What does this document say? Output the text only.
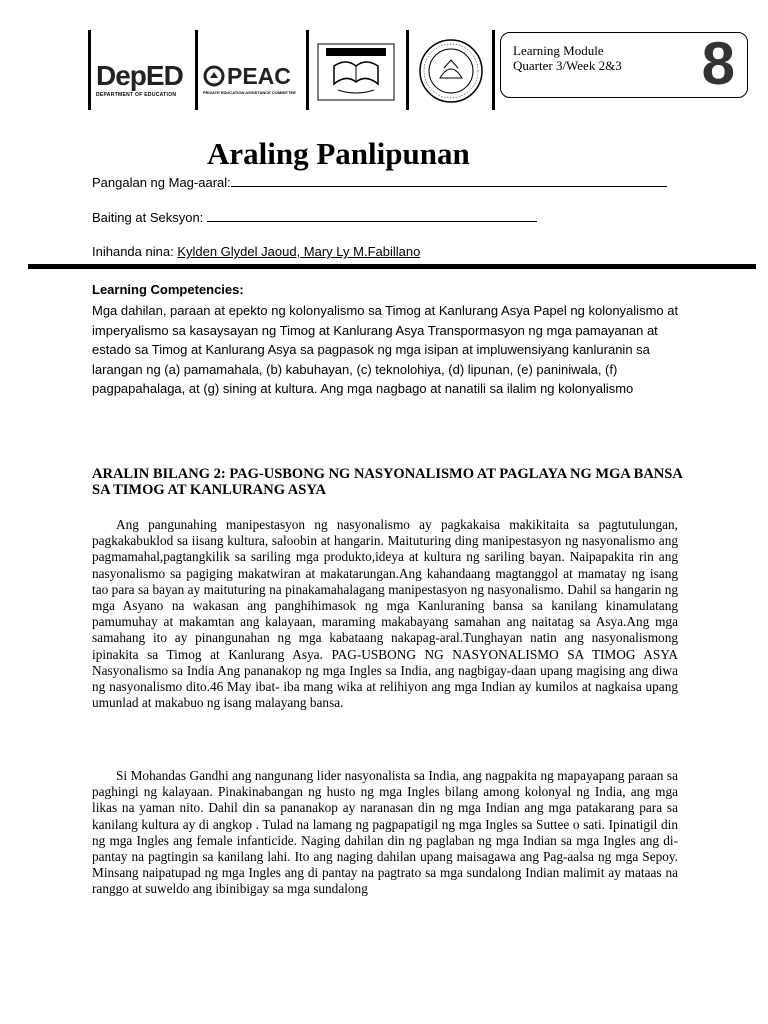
DepED
DEPARTMENT OF EDUCATION
PEAC
PRIVATE EDUCATION ASSISTANCE COMMITTEE
Learning Module
Quarter 3/Week 2&3 8
Araling Panlipunan
Pangalan ng Mag-aaral:
Baiting at Seksyon:
Inihanda nina: Kylden Glydel Jaoud, Mary Ly M.Fabillano
Learning Competencies:
Mga dahilan, paraan at epekto ng kolonyalismo sa Timog at Kanlurang Asya Papel ng kolonyalismo at imperyalismo sa kasaysayan ng Timog at Kanlurang Asya Transpormasyon ng mga pamayanan at estado sa Timog at Kanlurang Asya sa pagpasok ng mga isipan at impluwensiyang kanluranin sa larangan ng (a) pamamahala, (b) kabuhayan, (c) teknolohiya, (d) lipunan, (e) paniniwala, (f) pagpapahalaga, at (g) sining at kultura. Ang mga nagbago at nanatili sa ilalim ng kolonyalismo
ARALIN BILANG 2: PAG-USBONG NG NASYONALISMO AT PAGLAYA NG MGA BANSA SA TIMOG AT KANLURANG ASYA
Ang pangunahing manipestasyon ng nasyonalismo ay pagkakaisa makikitaita sa pagtutulungan, pagkakabuklod sa iisang kultura, saloobin at hangarin. Maituturing ding manipestasyon ng nasyonalismo ang pagmamahal,pagtangkilik sa sariling mga produkto,ideya at kultura ng sariling bayan. Naipapakita rin ang nasyonalismo sa pagiging makatwiran at makatarungan.Ang kahandaang magtanggol at mamatay ng isang tao para sa bayan ay maituturing na pinakamahalagang manipestasyon ng nasyonalismo. Dahil sa hangarin ng mga Asyano na wakasan ang panghihimasok ng mga Kanluraning bansa sa kanilang kinamulatang pamumuhay at makamtan ang kalayaan, maraming makabayang samahan ang naitatag sa Asya.Ang mga samahang ito ay pinangunahan ng mga kabataang nakapag-aral.Tunghayan natin ang nasyonalismong ipinakita sa Timog at Kanlurang Asya. PAG-USBONG NG NASYONALISMO SA TIMOG ASYA Nasyonalismo sa India Ang pananakop ng mga Ingles sa India, ang nagbigay-daan upang magising ang diwa ng nasyonalismo dito.46 May ibat- iba mang wika at relihiyon ang mga Indian ay kumilos at nagkaisa upang umunlad at makabuo ng isang malayang bansa.
Si Mohandas Gandhi ang nangunang lider nasyonalista sa India, ang nagpakita ng mapayapang paraan sa paghingi ng kalayaan. Pinakinabangan ng husto ng mga Ingles bilang among kolonyal ng India, ang mga likas na yaman nito. Dahil din sa pananakop ay naranasan din ng mga Indian ang mga patakarang para sa kanilang kultura ay di angkop . Tulad na lamang ng pagpapatigil ng mga Ingles sa Suttee o sati. Ipinatigil din ng mga Ingles ang female infanticide. Naging dahilan din ng paglaban ng mga Indian sa mga Ingles ang di-pantay na pagtingin sa kanilang lahi. Ito ang naging dahilan upang maisagawa ang Pag-aalsa ng mga Sepoy. Minsang naipatupad ng mga Ingles ang di pantay na pagtrato sa mga sundalong Indian malimit ay mataas na ranggo at suweldo ang ibinibigay sa mga sundalong
